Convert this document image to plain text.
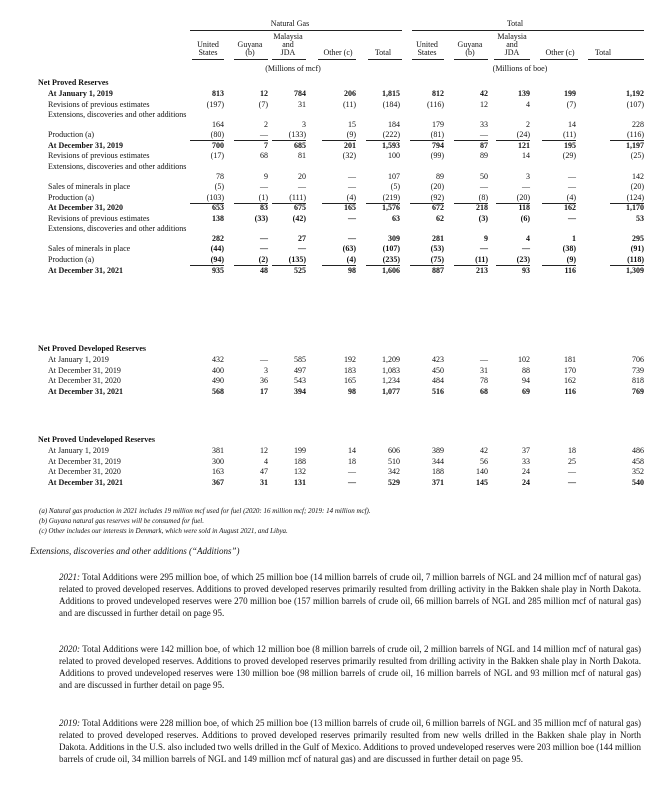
Natural Gas	Total
United
States
Guyana
(b)
Malaysia
and
JDA	Other (c)	Total
United
States
Guyana
(b)
Malaysia
and
JDA	Other (c)	Total
(Millions of mcf)	(Millions of boe)
Net Proved Reserves
At January 1, 2019	813	12	784	206	1,815	812	42	139	199	1,192
Revisions of previous estimates	(197)	(7)	31	(11)	(184)	(116)	12	4	(7)	(107)
Extensions, discoveries and other additions
164	2	3	15	184	179	33	2	14	228
Production (a)	(80)	—	(133)	(9)	(222)	(81)	—	(24)	(11)	(116)
At December 31, 2019	700	7	685	201	1,593	794	87	121	195	1,197
Revisions of previous estimates	(17)	68	81	(32)	100	(99)	89	14	(29)	(25)
Extensions, discoveries and other additions
78	9	20	—	107	89	50	3	—	142
Sales of minerals in place	(5)	—	—	—	(5)	(20)	—	—	—	(20)
Production (a)	(103)	(1)	(111)	(4)	(219)	(92)	(8)	(20)	(4)	(124)
At December 31, 2020	653	83	675	165	1,576	672	218	118	162	1,170
Revisions of previous estimates	138	(33)	(42)	—	63	62	(3)	(6)	—	53
Extensions, discoveries and other additions
282	—	27	—	309	281	9	4	1	295
Sales of minerals in place	(44)	—	—	(63)	(107)	(53)	—	—	(38)	(91)
Production (a)	(94)	(2)	(135)	(4)	(235)	(75)	(11)	(23)	(9)	(118)
At December 31, 2021	935	48	525	98	1,606	887	213	93	116	1,309
Net Proved Developed Reserves
At January 1, 2019	432	—	585	192	1,209	423	—	102	181	706
At December 31, 2019	400	3	497	183	1,083	450	31	88	170	739
At December 31, 2020	490	36	543	165	1,234	484	78	94	162	818
At December 31, 2021	568	17	394	98	1,077	516	68	69	116	769
Net Proved Undeveloped Reserves
At January 1, 2019	381	12	199	14	606	389	42	37	18	486
At December 31, 2019	300	4	188	18	510	344	56	33	25	458
At December 31, 2020	163	47	132	—	342	188	140	24	—	352
At December 31, 2021	367	31	131	—	529	371	145	24	—	540
(a) Natural gas production in 2021 includes 19 million mcf used for fuel (2020: 16 million mcf; 2019: 14 million mcf).
(b) Guyana natural gas reserves will be consumed for fuel.
(c) Other includes our interests in Denmark, which were sold in August 2021, and Libya.
Extensions, discoveries and other additions (“Additions”)
2021: Total Additions were 295 million boe, of which 25 million boe (14 million barrels of crude oil, 7 million barrels of NGL and 24 million mcf of natural gas) related to proved developed reserves. Additions to proved developed reserves primarily resulted from drilling activity in the Bakken shale play in North Dakota. Additions to proved undeveloped reserves were 270 million boe (157 million barrels of crude oil, 66 million barrels of NGL and 285 million mcf of natural gas) and are discussed in further detail on page 95.
2020: Total Additions were 142 million boe, of which 12 million boe (8 million barrels of crude oil, 2 million barrels of NGL and 14 million mcf of natural gas) related to proved developed reserves. Additions to proved developed reserves primarily resulted from drilling activity in the Bakken shale play in North Dakota. Additions to proved undeveloped reserves were 130 million boe (98 million barrels of crude oil, 16 million barrels of NGL and 93 million mcf of natural gas) and are discussed in further detail on page 95.
2019: Total Additions were 228 million boe, of which 25 million boe (13 million barrels of crude oil, 6 million barrels of NGL and 35 million mcf of natural gas) related to proved developed reserves. Additions to proved developed reserves primarily resulted from new wells drilled in the Bakken shale play in North Dakota. Additions in the U.S. also included two wells drilled in the Gulf of Mexico. Additions to proved undeveloped reserves were 203 million boe (144 million barrels of crude oil, 34 million barrels of NGL and 149 million mcf of natural gas) and are discussed in further detail on page 95.
